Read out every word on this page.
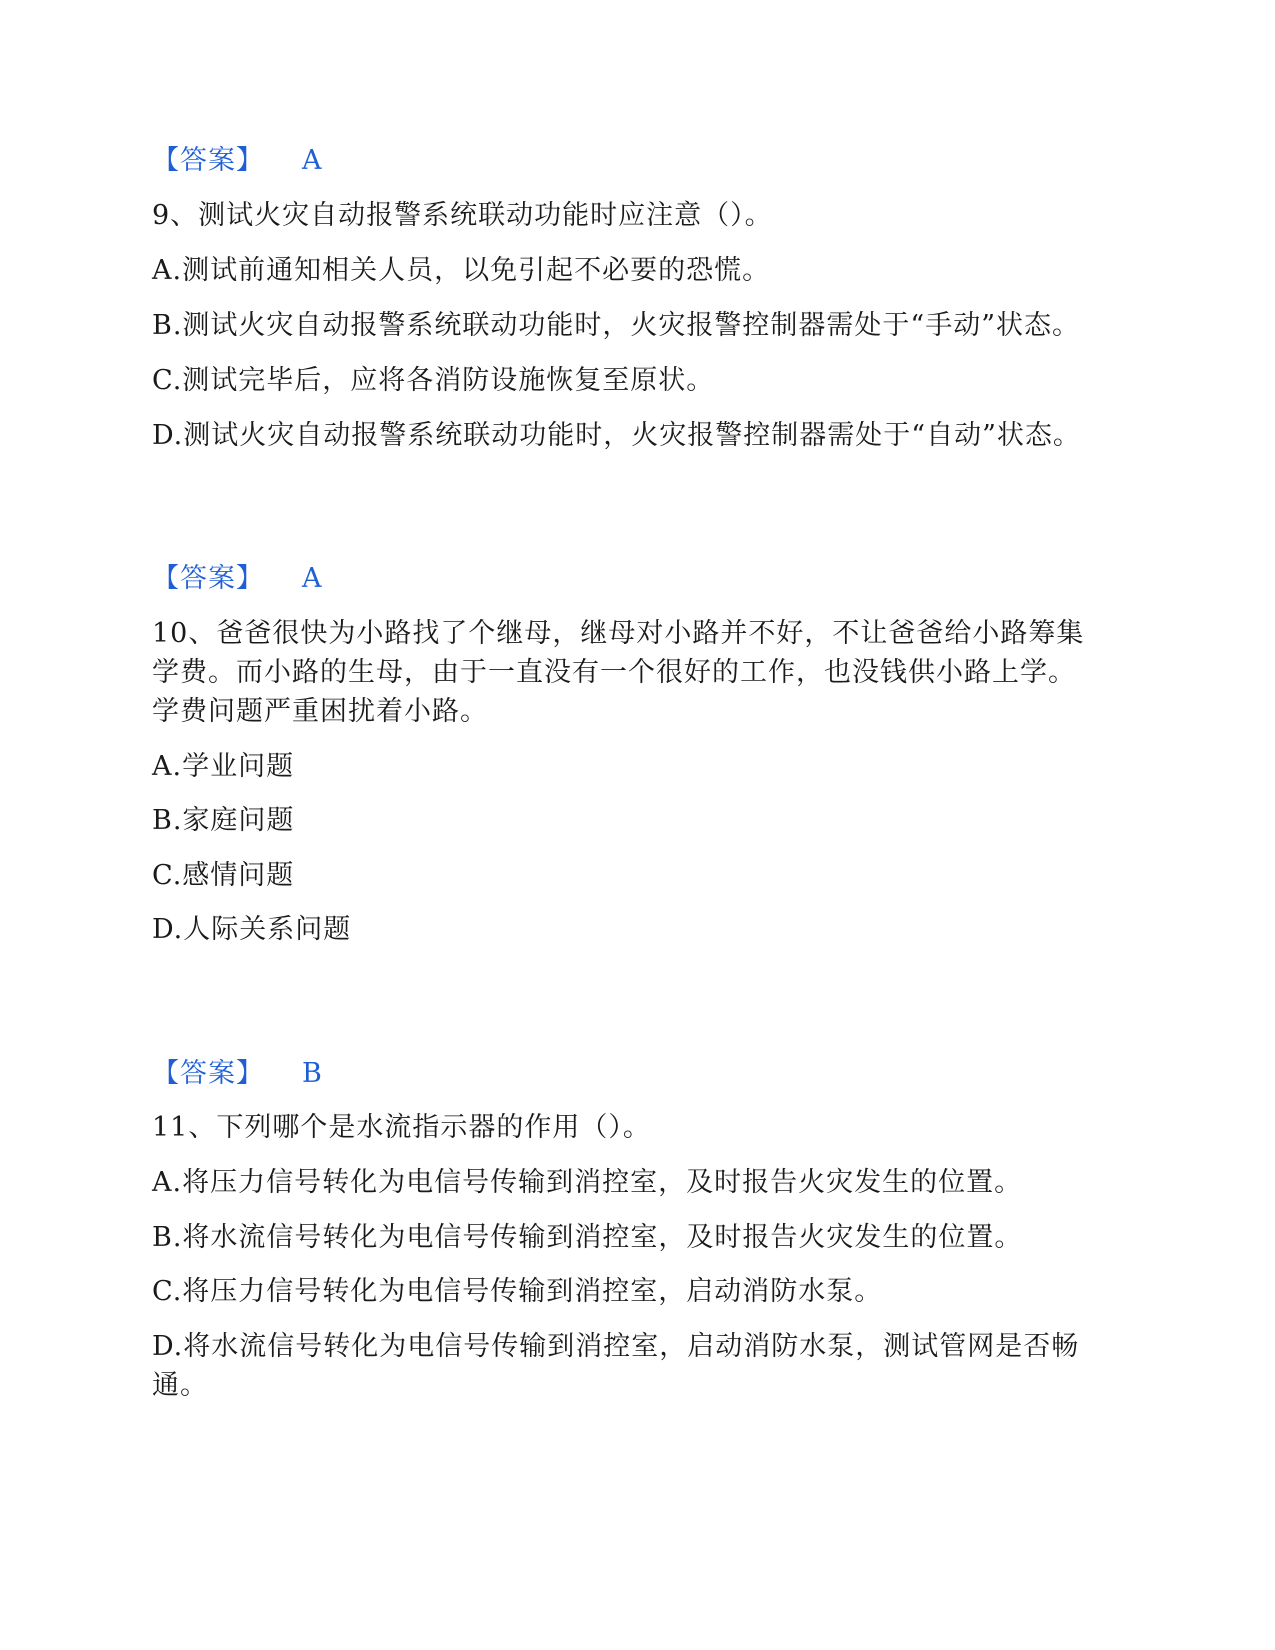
【答案】 A
9、测试火灾自动报警系统联动功能时应注意（）。
A.测试前通知相关人员，以免引起不必要的恐慌。
B.测试火灾自动报警系统联动功能时，火灾报警控制器需处于“手动”状态。
C.测试完毕后，应将各消防设施恢复至原状。
D.测试火灾自动报警系统联动功能时，火灾报警控制器需处于“自动”状态。
【答案】 A
10、爸爸很快为小路找了个继母，继母对小路并不好，不让爸爸给小路筹集
学费。而小路的生母，由于一直没有一个很好的工作，也没钱供小路上学。
学费问题严重困扰着小路。
A.学业问题
B.家庭问题
C.感情问题
D.人际关系问题
【答案】 B
11、下列哪个是水流指示器的作用（）。
A.将压力信号转化为电信号传输到消控室，及时报告火灾发生的位置。
B.将水流信号转化为电信号传输到消控室，及时报告火灾发生的位置。
C.将压力信号转化为电信号传输到消控室，启动消防水泵。
D.将水流信号转化为电信号传输到消控室，启动消防水泵，测试管网是否畅
通。
